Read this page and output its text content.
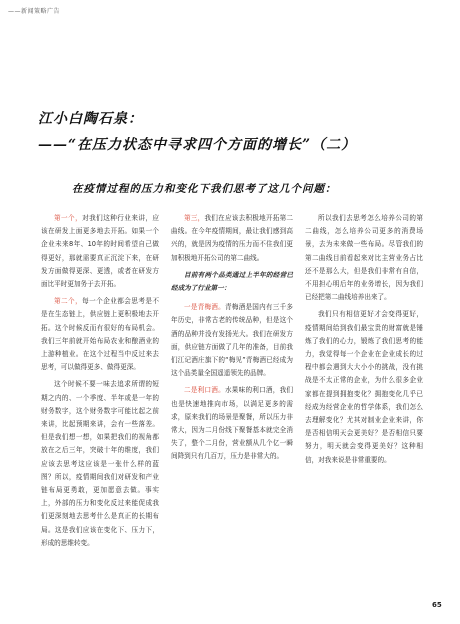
——新闻策略广告
江小白陶石泉：
——“在压力状态中寻求四个方面的增长”（二）
在疫情过程的压力和变化下我们思考了这几个问题：

第一个，对我们这种行业来讲，应该在研发上面更多地去开拓。如果一个企业未来8年、10年的时间希望自己做得更好，那就需要真正沉淀下来，在研发方面做得更深、更透，或者在研发方面比平时更加务于去开拓。

第二个，每一个企业都会思考是不是在生态链上，供应链上更积极地去开拓。这个时候反而有很好的布局机会。我们三年前就开始布局农业和酿酒业的上游种植业。在这个过程当中反过来去思考，可以做得更多、做得更深。

这个时候不要一味去追求所谓的短期之内的、一个季度、半年或是一年的财务数字，这个财务数字可能比起之前来讲，比起预期来讲，会有一些落差。但是我们想一想，如果把我们的视角都放在之后三年，突破十年的维度，我们应该去思考这应该是一张什么样的蓝图？所以，疫情期间我们对研发和产业链布局更勇敢，更加愿意去做。事实上，外部的压力和变化反过来能促成我们更深刻地去思考什么是真正的长期布局。这是我们应该在变化下、压力下，形成的思维转变。

第三，我们在应该去积极地开拓第二曲线。在今年疫情期间，最让我们感到高兴的，就是因为疫情的压力而不住我们更加积极地开拓公司的第二曲线。

目前有两个品类通过上半年的经营已经成为了行业第一：

一是青梅酒。青梅酒是国内有三千多年历史，非常古老的传统品种，但是这个酒的品种并没有发扬光大。我们在研发方面，供应链方面做了几年的准备，目前我们江记酒庄旗下的“梅见”青梅酒已经成为这个品类量全国遥遥领先的品牌。

二是利口酒。水果味的利口酒，我们也是快速地推向市场，以满足更多的需求，原来我们的场景是聚餐，所以压力非常大，因为二月份线下聚餐基本就完全消失了，整个二月份，营业额从几个亿一瞬间降到只有几百万，压力是非常大的。

所以我们去思考怎么培养公司的第二曲线，怎么培养公司更多的消费场景，去为未来做一些布局。尽管我们的第二曲线目前看起来对比主营业务占比还不是那么大，但是我们非常有自信，不用担心明后年的业务增长，因为我们已经把第二曲线培养出来了。

我们只有相信更好才会变得更好，疫情期间给到我们最宝贵的财富就是锤炼了我们的心力，锻炼了我们思考的能力，我觉得每一个企业在企业成长的过程中都会遇到大大小小的挑战，没有挑战是不太正常的企业，为什么很多企业家都在提到拥抱变化？拥抱变化几乎已经成为经营企业的哲学体系，我们怎么去理解变化？尤其对制业企业来讲，你是否相信明天会更美好？是否相信只要努力，明天就会变得更美好？这种相信，对我来说是非常重要的。

65
